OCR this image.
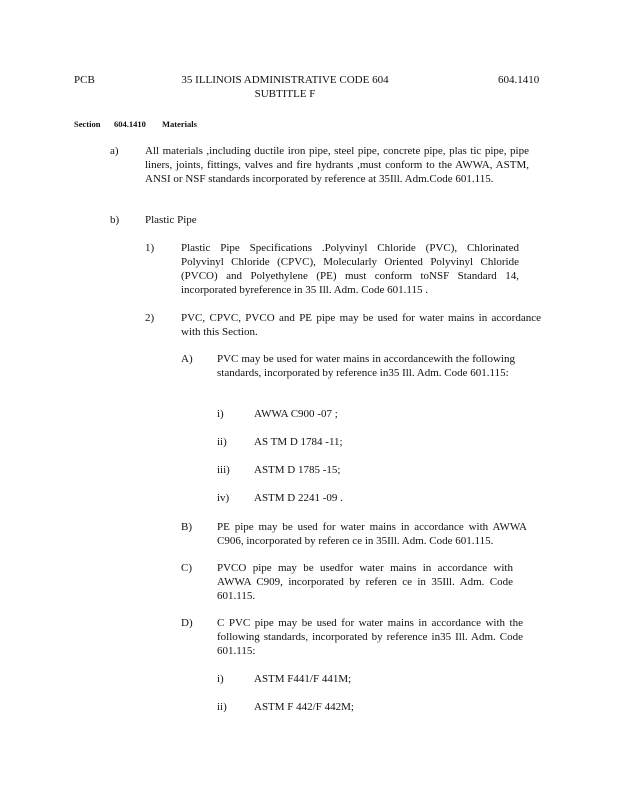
PCB	35 ILLINOIS ADMINISTRATIVE CODE 604
SUBTITLE F
604.1410
Section 604.1410 Materials
a) All materials ,including ductile iron pipe, steel pipe, concrete pipe, plas tic pipe, pipe liners, joints, fittings, valves and fire hydrants ,must conform to the AWWA, ASTM, ANSI or NSF standards incorporated by reference at 35Ill. Adm.Code 601.115.
b) Plastic Pipe
1) Plastic Pipe Specifications .Polyvinyl Chloride (PVC), Chlorinated Polyvinyl Chloride (CPVC), Molecularly Oriented Polyvinyl Chloride (PVCO) and Polyethylene (PE) must conform toNSF Standard 14, incorporated byreference in 35 Ill. Adm. Code 601.115 .
2) PVC, CPVC, PVCO and PE pipe may be used for water mains in accordance with this Section.
A) PVC may be used for water mains in accordancewith the following standards, incorporated by reference in35 Ill. Adm. Code 601.115:
i)	AWWA C900 -07 ;
ii) AS TM D 1784 -11;
iii) ASTM D 1785 -15;
iv) ASTM D 2241 -09 .
B) PE pipe may be used for water mains in accordance with AWWA C906, incorporated by referen ce in 35Ill. Adm. Code 601.115.
C) PVCO pipe may be usedfor water mains in accordance with AWWA C909, incorporated by referen ce in 35Ill. Adm. Code 601.115.
D) C PVC pipe may be used for water mains in accordance with the following standards, incorporated by reference in35 Ill. Adm. Code 601.115:
i)	ASTM F441/F 441M;
ii) ASTM F 442/F 442M;
